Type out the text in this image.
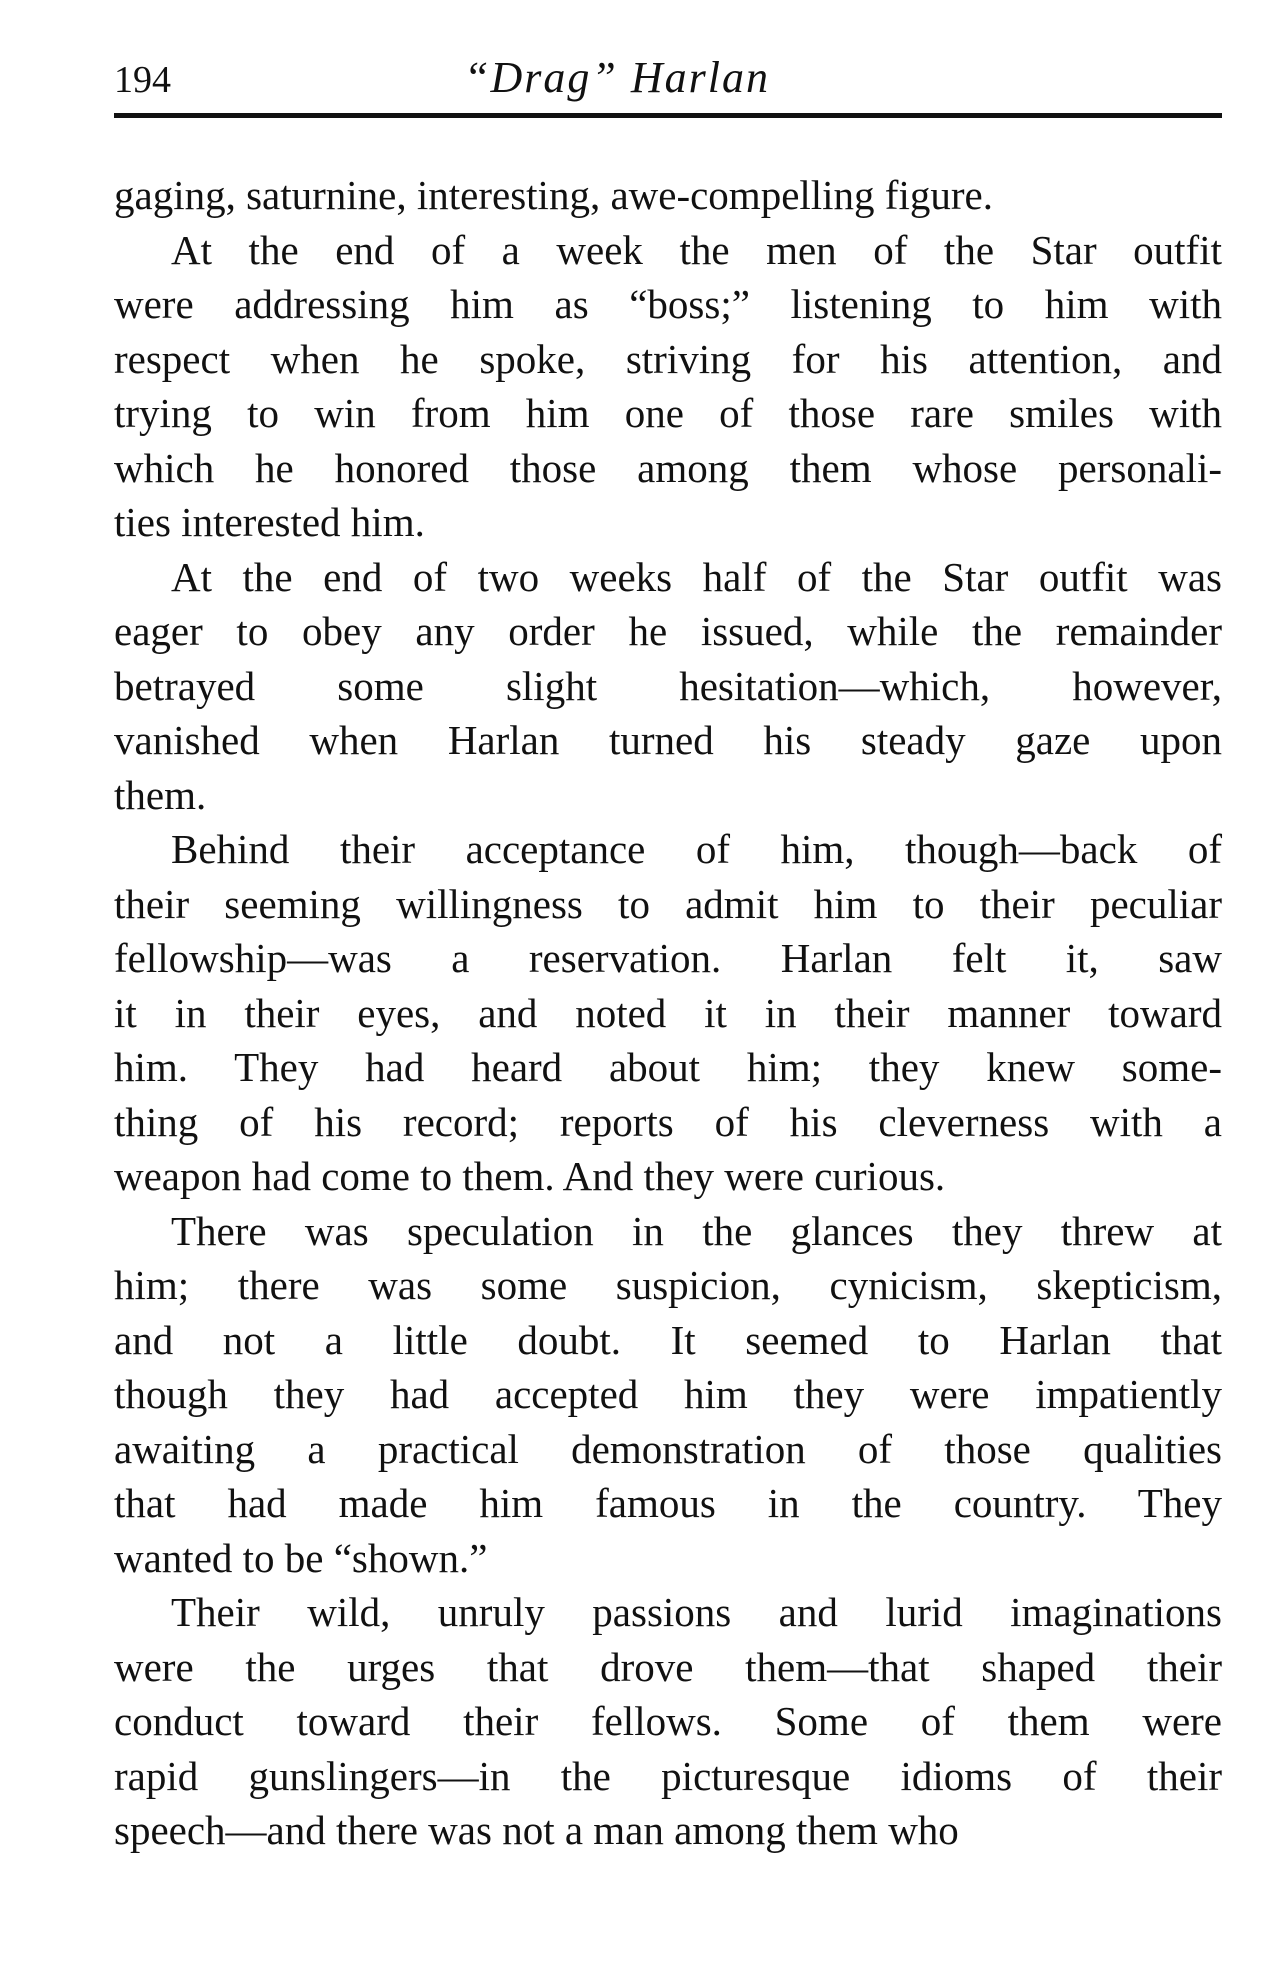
194	“Drag” Harlan
gaging, saturnine, interesting, awe-compelling figure.
At the end of a week the men of the Star outfit
were addressing him as “boss;” listening to him with
respect when he spoke, striving for his attention, and
trying to win from him one of those rare smiles with
which he honored those among them whose personali-
ties interested him.
At the end of two weeks half of the Star outfit was
eager to obey any order he issued, while the remainder
betrayed some slight hesitation—which, however,
vanished when Harlan turned his steady gaze upon
them.
Behind their acceptance of him, though—back of
their seeming willingness to admit him to their peculiar
fellowship—was a reservation. Harlan felt it, saw
it in their eyes, and noted it in their manner toward
him. They had heard about him; they knew some-
thing of his record; reports of his cleverness with a
weapon had come to them. And they were curious.
There was speculation in the glances they threw at
him; there was some suspicion, cynicism, skepticism,
and not a little doubt. It seemed to Harlan that
though they had accepted him they were impatiently
awaiting a practical demonstration of those qualities
that had made him famous in the country. They
wanted to be “shown.”
Their wild, unruly passions and lurid imaginations
were the urges that drove them—that shaped their
conduct toward their fellows. Some of them were
rapid gunslingers—in the picturesque idioms of their
speech—and there was not a man among them who
